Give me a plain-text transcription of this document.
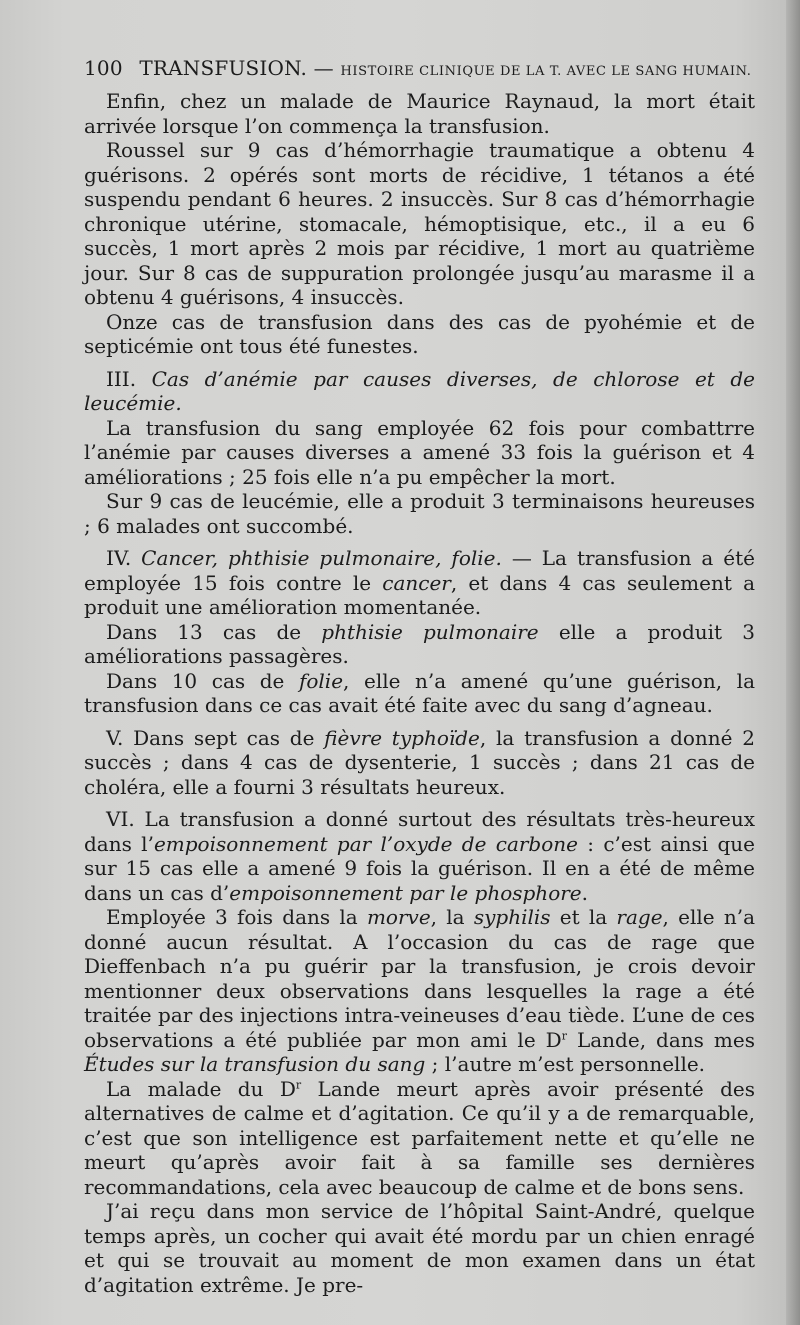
100 TRANSFUSION. — HISTOIRE CLINIQUE DE LA T. AVEC LE SANG HUMAIN.

Enfin, chez un malade de Maurice Raynaud, la mort était arrivée lorsque l’on commença la transfusion.

Roussel sur 9 cas d’hémorrhagie traumatique a obtenu 4 guérisons. 2 opérés sont morts de récidive, 1 tétanos a été suspendu pendant 6 heures. 2 insuccès. Sur 8 cas d’hémorrhagie chronique utérine, stomacale, hémoptisique, etc., il a eu 6 succès, 1 mort après 2 mois par récidive, 1 mort au quatrième jour. Sur 8 cas de suppuration prolongée jusqu’au marasme il a obtenu 4 guérisons, 4 insuccès.

Onze cas de transfusion dans des cas de pyohémie et de septicémie ont tous été funestes.

III. Cas d’anémie par causes diverses, de chlorose et de leucémie.

La transfusion du sang employée 62 fois pour combattrre l’anémie par causes diverses a amené 33 fois la guérison et 4 améliorations ; 25 fois elle n’a pu empêcher la mort.

Sur 9 cas de leucémie, elle a produit 3 terminaisons heureuses ; 6 malades ont succombé.

IV. Cancer, phthisie pulmonaire, folie. — La transfusion a été employée 15 fois contre le cancer, et dans 4 cas seulement a produit une amélioration momentanée.

Dans 13 cas de phthisie pulmonaire elle a produit 3 améliorations passagères.

Dans 10 cas de folie, elle n’a amené qu’une guérison, la transfusion dans ce cas avait été faite avec du sang d’agneau.

V. Dans sept cas de fièvre typhoïde, la transfusion a donné 2 succès ; dans 4 cas de dysenterie, 1 succès ; dans 21 cas de choléra, elle a fourni 3 résultats heureux.

VI. La transfusion a donné surtout des résultats très-heureux dans l’empoisonnement par l’oxyde de carbone : c’est ainsi que sur 15 cas elle a amené 9 fois la guérison. Il en a été de même dans un cas d’empoisonnement par le phosphore.

Employée 3 fois dans la morve, la syphilis et la rage, elle n’a donné aucun résultat. A l’occasion du cas de rage que Dieffenbach n’a pu guérir par la transfusion, je crois devoir mentionner deux observations dans lesquelles la rage a été traitée par des injections intra-veineuses d’eau tiède. L’une de ces observations a été publiée par mon ami le $D^r$ Lande, dans mes Études sur la transfusion du sang ; l’autre m’est personnelle.

La malade du $D^r$ Lande meurt après avoir présenté des alternatives de calme et d’agitation. Ce qu’il y a de remarquable, c’est que son intelligence est parfaitement nette et qu’elle ne meurt qu’après avoir fait à sa famille ses dernières recommandations, cela avec beaucoup de calme et de bons sens.

J’ai reçu dans mon service de l’hôpital Saint-André, quelque temps après, un cocher qui avait été mordu par un chien enragé et qui se trouvait au moment de mon examen dans un état d’agitation extrême. Je pre-
